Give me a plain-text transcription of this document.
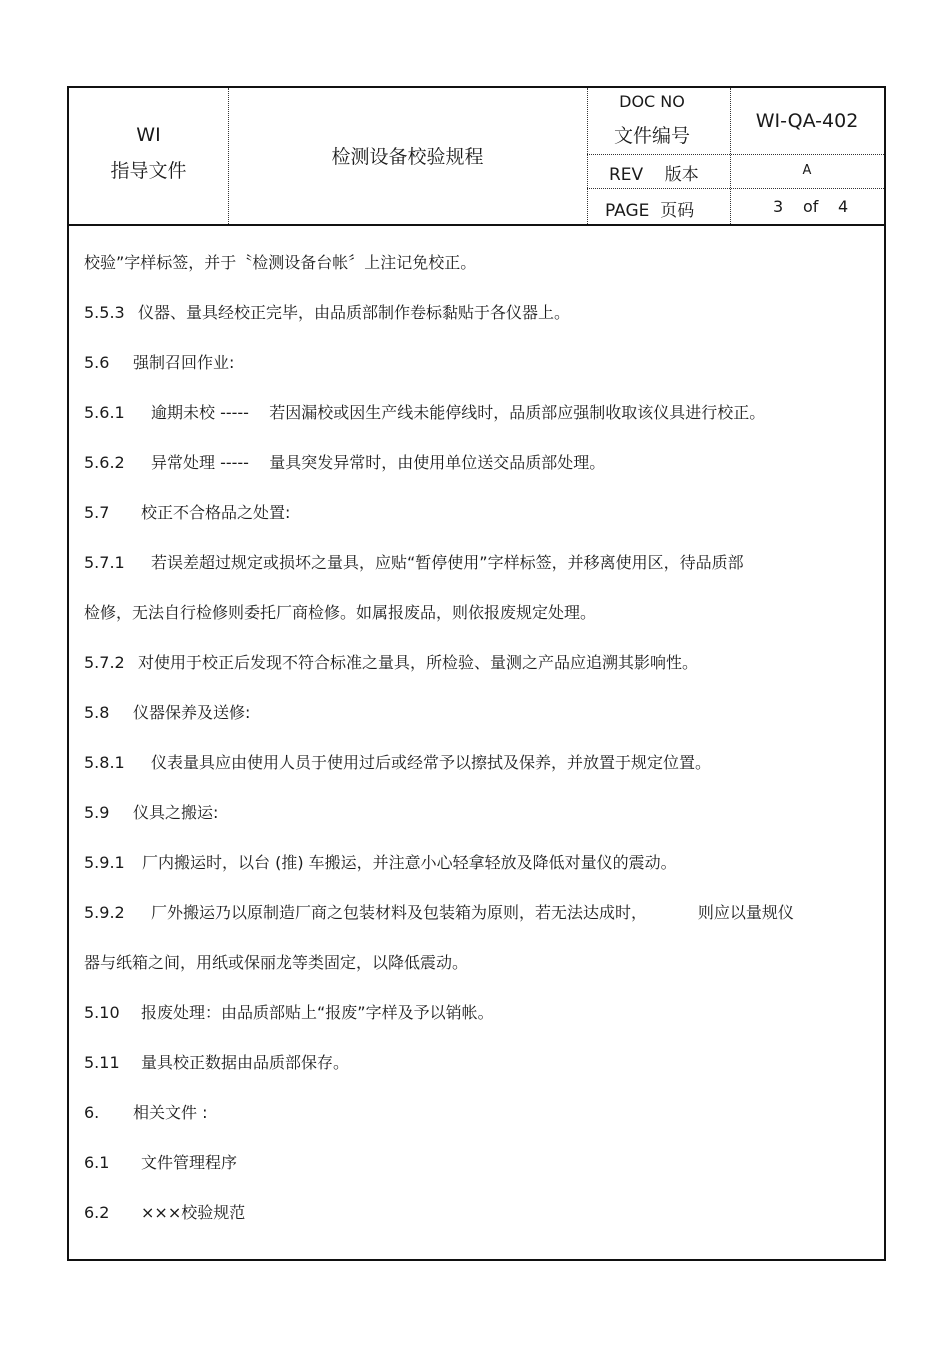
WI
指导文件
检测设备校验规程
DOC NO
文件编号
WI-QA-402
REV    版本	A
PAGE  页码	3 of 4
校验”字样标签，并于〝检测设备台帐〞上注记免校正。
5.5.3 仪器、量具经校正完毕，由品质部制作卷标黏贴于各仪器上。
5.6 强制召回作业:
5.6.1 逾期未校 -----    若因漏校或因生产线未能停线时，品质部应强制收取该仪具进行校正。
5.6.2 异常处理 -----    量具突发异常时，由使用单位送交品质部处理。
5.7 校正不合格品之处置:
5.7.1 若误差超过规定或损坏之量具，应贴“暂停使用”字样标签，并移离使用区，待品质部
检修，无法自行检修则委托厂商检修。如属报废品，则依报废规定处理。
5.7.2 对使用于校正后发现不符合标准之量具，所检验、量测之产品应追溯其影响性。
5.8 仪器保养及送修:
5.8.1 仪表量具应由使用人员于使用过后或经常予以擦拭及保养，并放置于规定位置。
5.9 仪具之搬运:
5.9.1 厂内搬运时，以台 (推) 车搬运，并注意小心轻拿轻放及降低对量仪的震动。
5.9.2 厂外搬运乃以原制造厂商之包装材料及包装箱为原则，若无法达成时，          则应以量规仪
器与纸箱之间，用纸或保丽龙等类固定，以降低震动。
5.10 报废处理：由品质部贴上“报废”字样及予以销帐。
5.11 量具校正数据由品质部保存。
6. 相关文件 :
6.1 文件管理程序
6.2 ×××校验规范
